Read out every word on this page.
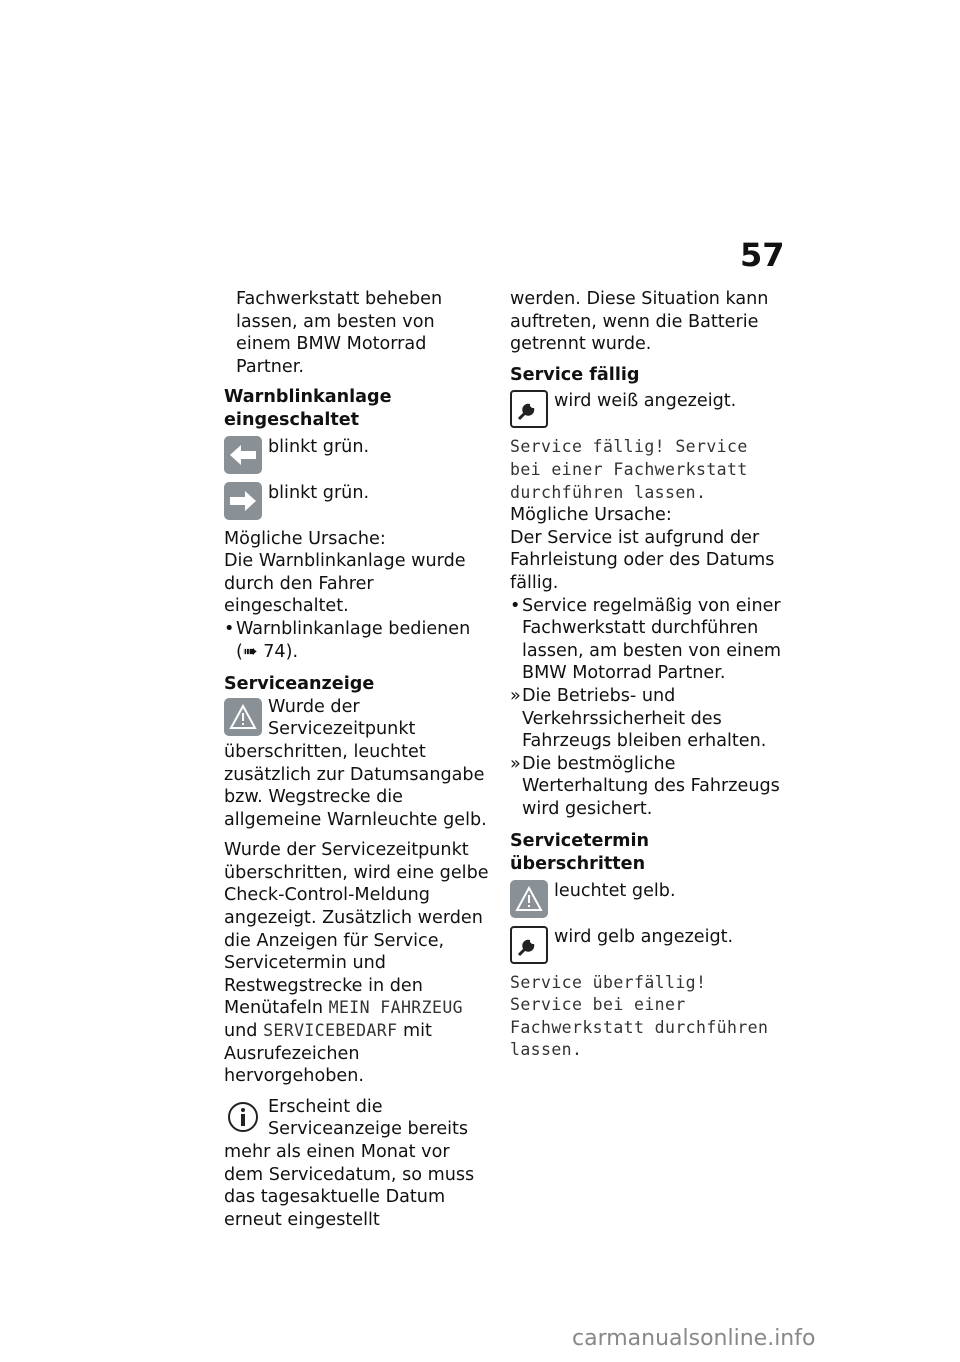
57

Fachwerkstatt beheben lassen, am besten von einem BMW Motorrad Partner.

Warnblinkanlage eingeschaltet

blinkt grün.
blinkt grün.
Mögliche Ursache:
Die Warnblinkanlage wurde durch den Fahrer eingeschaltet.
• Warnblinkanlage bedienen (➠ 74).

Serviceanzeige

Wurde der Servicezeitpunkt überschritten, leuchtet zusätzlich zur Datumsangabe bzw. Wegstrecke die allgemeine Warnleuchte gelb.
Wurde der Servicezeitpunkt überschritten, wird eine gelbe Check-Control-Meldung angezeigt. Zusätzlich werden die Anzeigen für Service, Servicetermin und Restwegstrecke in den Menütafeln MEIN FAHRZEUG und SERVICEBEDARF mit Ausrufezeichen hervorgehoben.
Erscheint die Serviceanzeige bereits mehr als einen Monat vor dem Servicedatum, so muss das tagesaktuelle Datum erneut eingestellt

werden. Diese Situation kann auftreten, wenn die Batterie getrennt wurde.

Service fällig

wird weiß angezeigt.
Service fällig! Service bei einer Fachwerkstatt durchführen lassen.
Mögliche Ursache:
Der Service ist aufgrund der Fahrleistung oder des Datums fällig.
• Service regelmäßig von einer Fachwerkstatt durchführen lassen, am besten von einem BMW Motorrad Partner.
» Die Betriebs- und Verkehrssicherheit des Fahrzeugs bleiben erhalten.
» Die bestmögliche Werterhaltung des Fahrzeugs wird gesichert.

Servicetermin überschritten

leuchtet gelb.
wird gelb angezeigt.
Service überfällig! Service bei einer Fachwerkstatt durchführen lassen.
carmanualsonline.info
